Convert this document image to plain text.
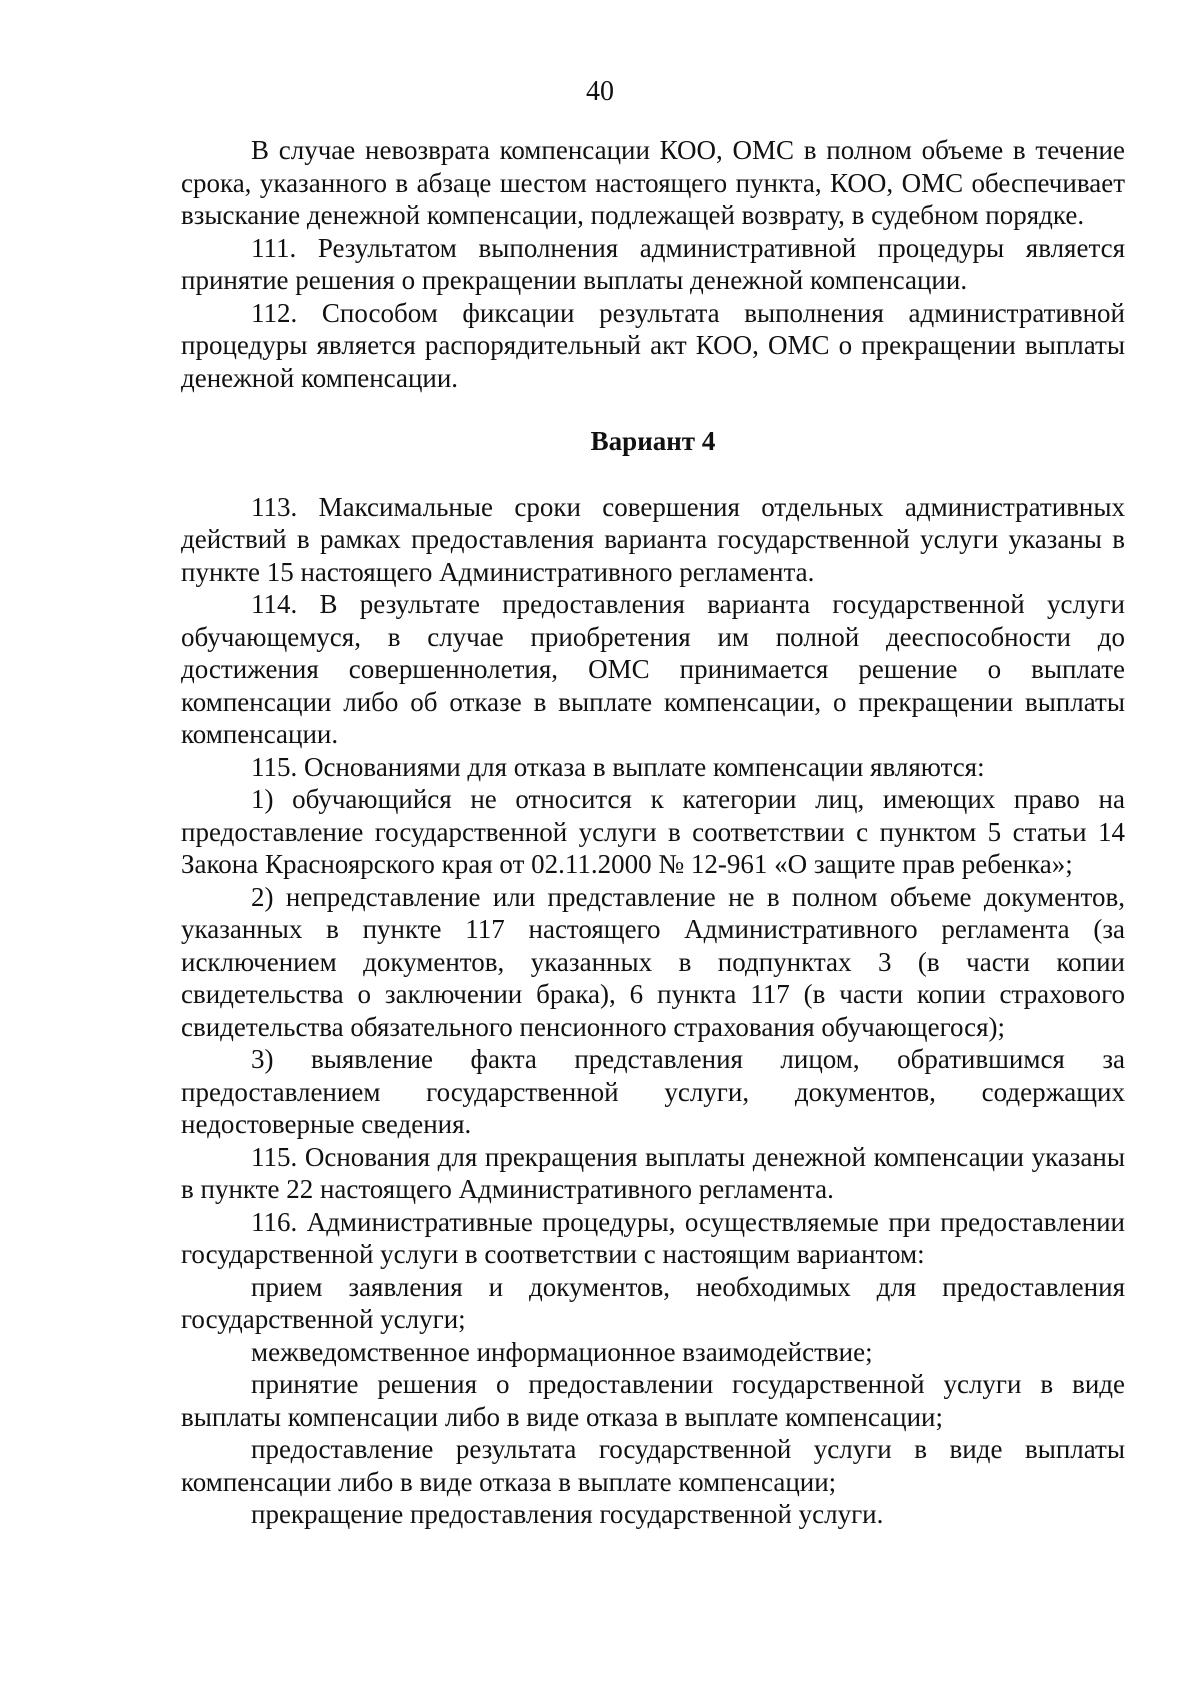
40

В случае невозврата компенсации КОО, ОМС в полном объеме в течение срока, указанного в абзаце шестом настоящего пункта, КОО, ОМС обеспечивает взыскание денежной компенсации, подлежащей возврату, в судебном порядке.

111. Результатом выполнения административной процедуры является принятие решения о прекращении выплаты денежной компенсации.

112. Способом фиксации результата выполнения административной процедуры является распорядительный акт КОО, ОМС о прекращении выплаты денежной компенсации.

Вариант 4

113. Максимальные сроки совершения отдельных административных действий в рамках предоставления варианта государственной услуги указаны в пункте 15 настоящего Административного регламента.

114. В результате предоставления варианта государственной услуги обучающемуся, в случае приобретения им полной дееспособности до достижения совершеннолетия, ОМС принимается решение о выплате компенсации либо об отказе в выплате компенсации, о прекращении выплаты компенсации.

115. Основаниями для отказа в выплате компенсации являются:

1) обучающийся не относится к категории лиц, имеющих право на предоставление государственной услуги в соответствии с пунктом 5 статьи 14 Закона Красноярского края от 02.11.2000 № 12-961 «О защите прав ребенка»;

2) непредставление или представление не в полном объеме документов, указанных в пункте 117 настоящего Административного регламента (за исключением документов, указанных в подпунктах 3 (в части копии свидетельства о заключении брака), 6 пункта 117 (в части копии страхового свидетельства обязательного пенсионного страхования обучающегося);

3) выявление факта представления лицом, обратившимся за предоставлением государственной услуги, документов, содержащих недостоверные сведения.

115. Основания для прекращения выплаты денежной компенсации указаны в пункте 22 настоящего Административного регламента.

116. Административные процедуры, осуществляемые при предоставлении государственной услуги в соответствии с настоящим вариантом:

прием заявления и документов, необходимых для предоставления государственной услуги;

межведомственное информационное взаимодействие;

принятие решения о предоставлении государственной услуги в виде выплаты компенсации либо в виде отказа в выплате компенсации;

предоставление результата государственной услуги в виде выплаты компенсации либо в виде отказа в выплате компенсации;

прекращение предоставления государственной услуги.
